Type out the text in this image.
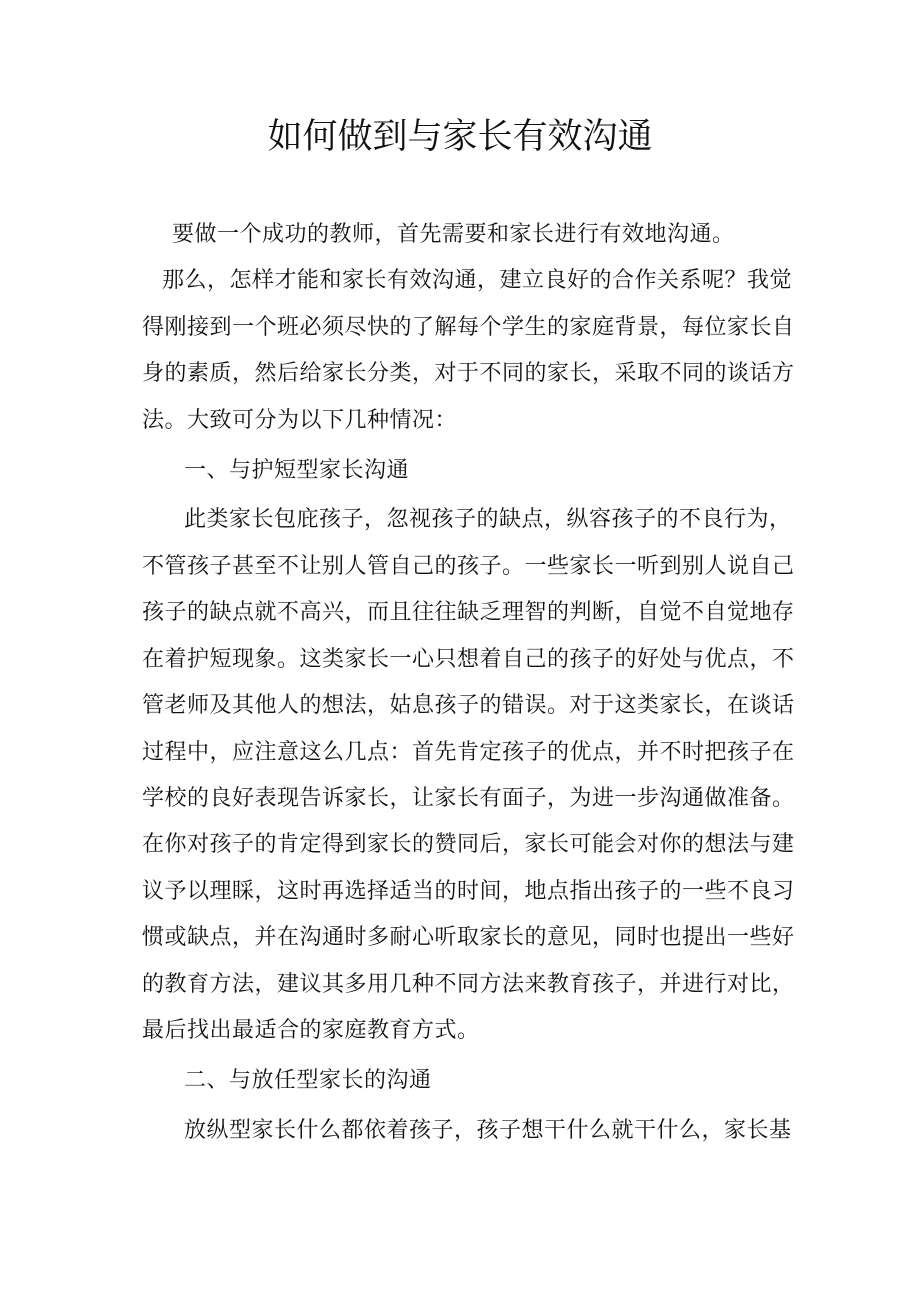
如何做到与家长有效沟通
要做一个成功的教师，首先需要和家长进行有效地沟通。
那么，怎样才能和家长有效沟通，建立良好的合作关系呢？我觉
得刚接到一个班必须尽快的了解每个学生的家庭背景，每位家长自
身的素质，然后给家长分类，对于不同的家长，采取不同的谈话方
法。大致可分为以下几种情况：
一、与护短型家长沟通
此类家长包庇孩子，忽视孩子的缺点，纵容孩子的不良行为，
不管孩子甚至不让别人管自己的孩子。一些家长一听到别人说自己
孩子的缺点就不高兴，而且往往缺乏理智的判断，自觉不自觉地存
在着护短现象。这类家长一心只想着自己的孩子的好处与优点，不
管老师及其他人的想法，姑息孩子的错误。对于这类家长，在谈话
过程中，应注意这么几点：首先肯定孩子的优点，并不时把孩子在
学校的良好表现告诉家长，让家长有面子，为进一步沟通做准备。
在你对孩子的肯定得到家长的赞同后，家长可能会对你的想法与建
议予以理睬，这时再选择适当的时间，地点指出孩子的一些不良习
惯或缺点，并在沟通时多耐心听取家长的意见，同时也提出一些好
的教育方法，建议其多用几种不同方法来教育孩子，并进行对比，
最后找出最适合的家庭教育方式。
二、与放任型家长的沟通
放纵型家长什么都依着孩子，孩子想干什么就干什么，家长基
